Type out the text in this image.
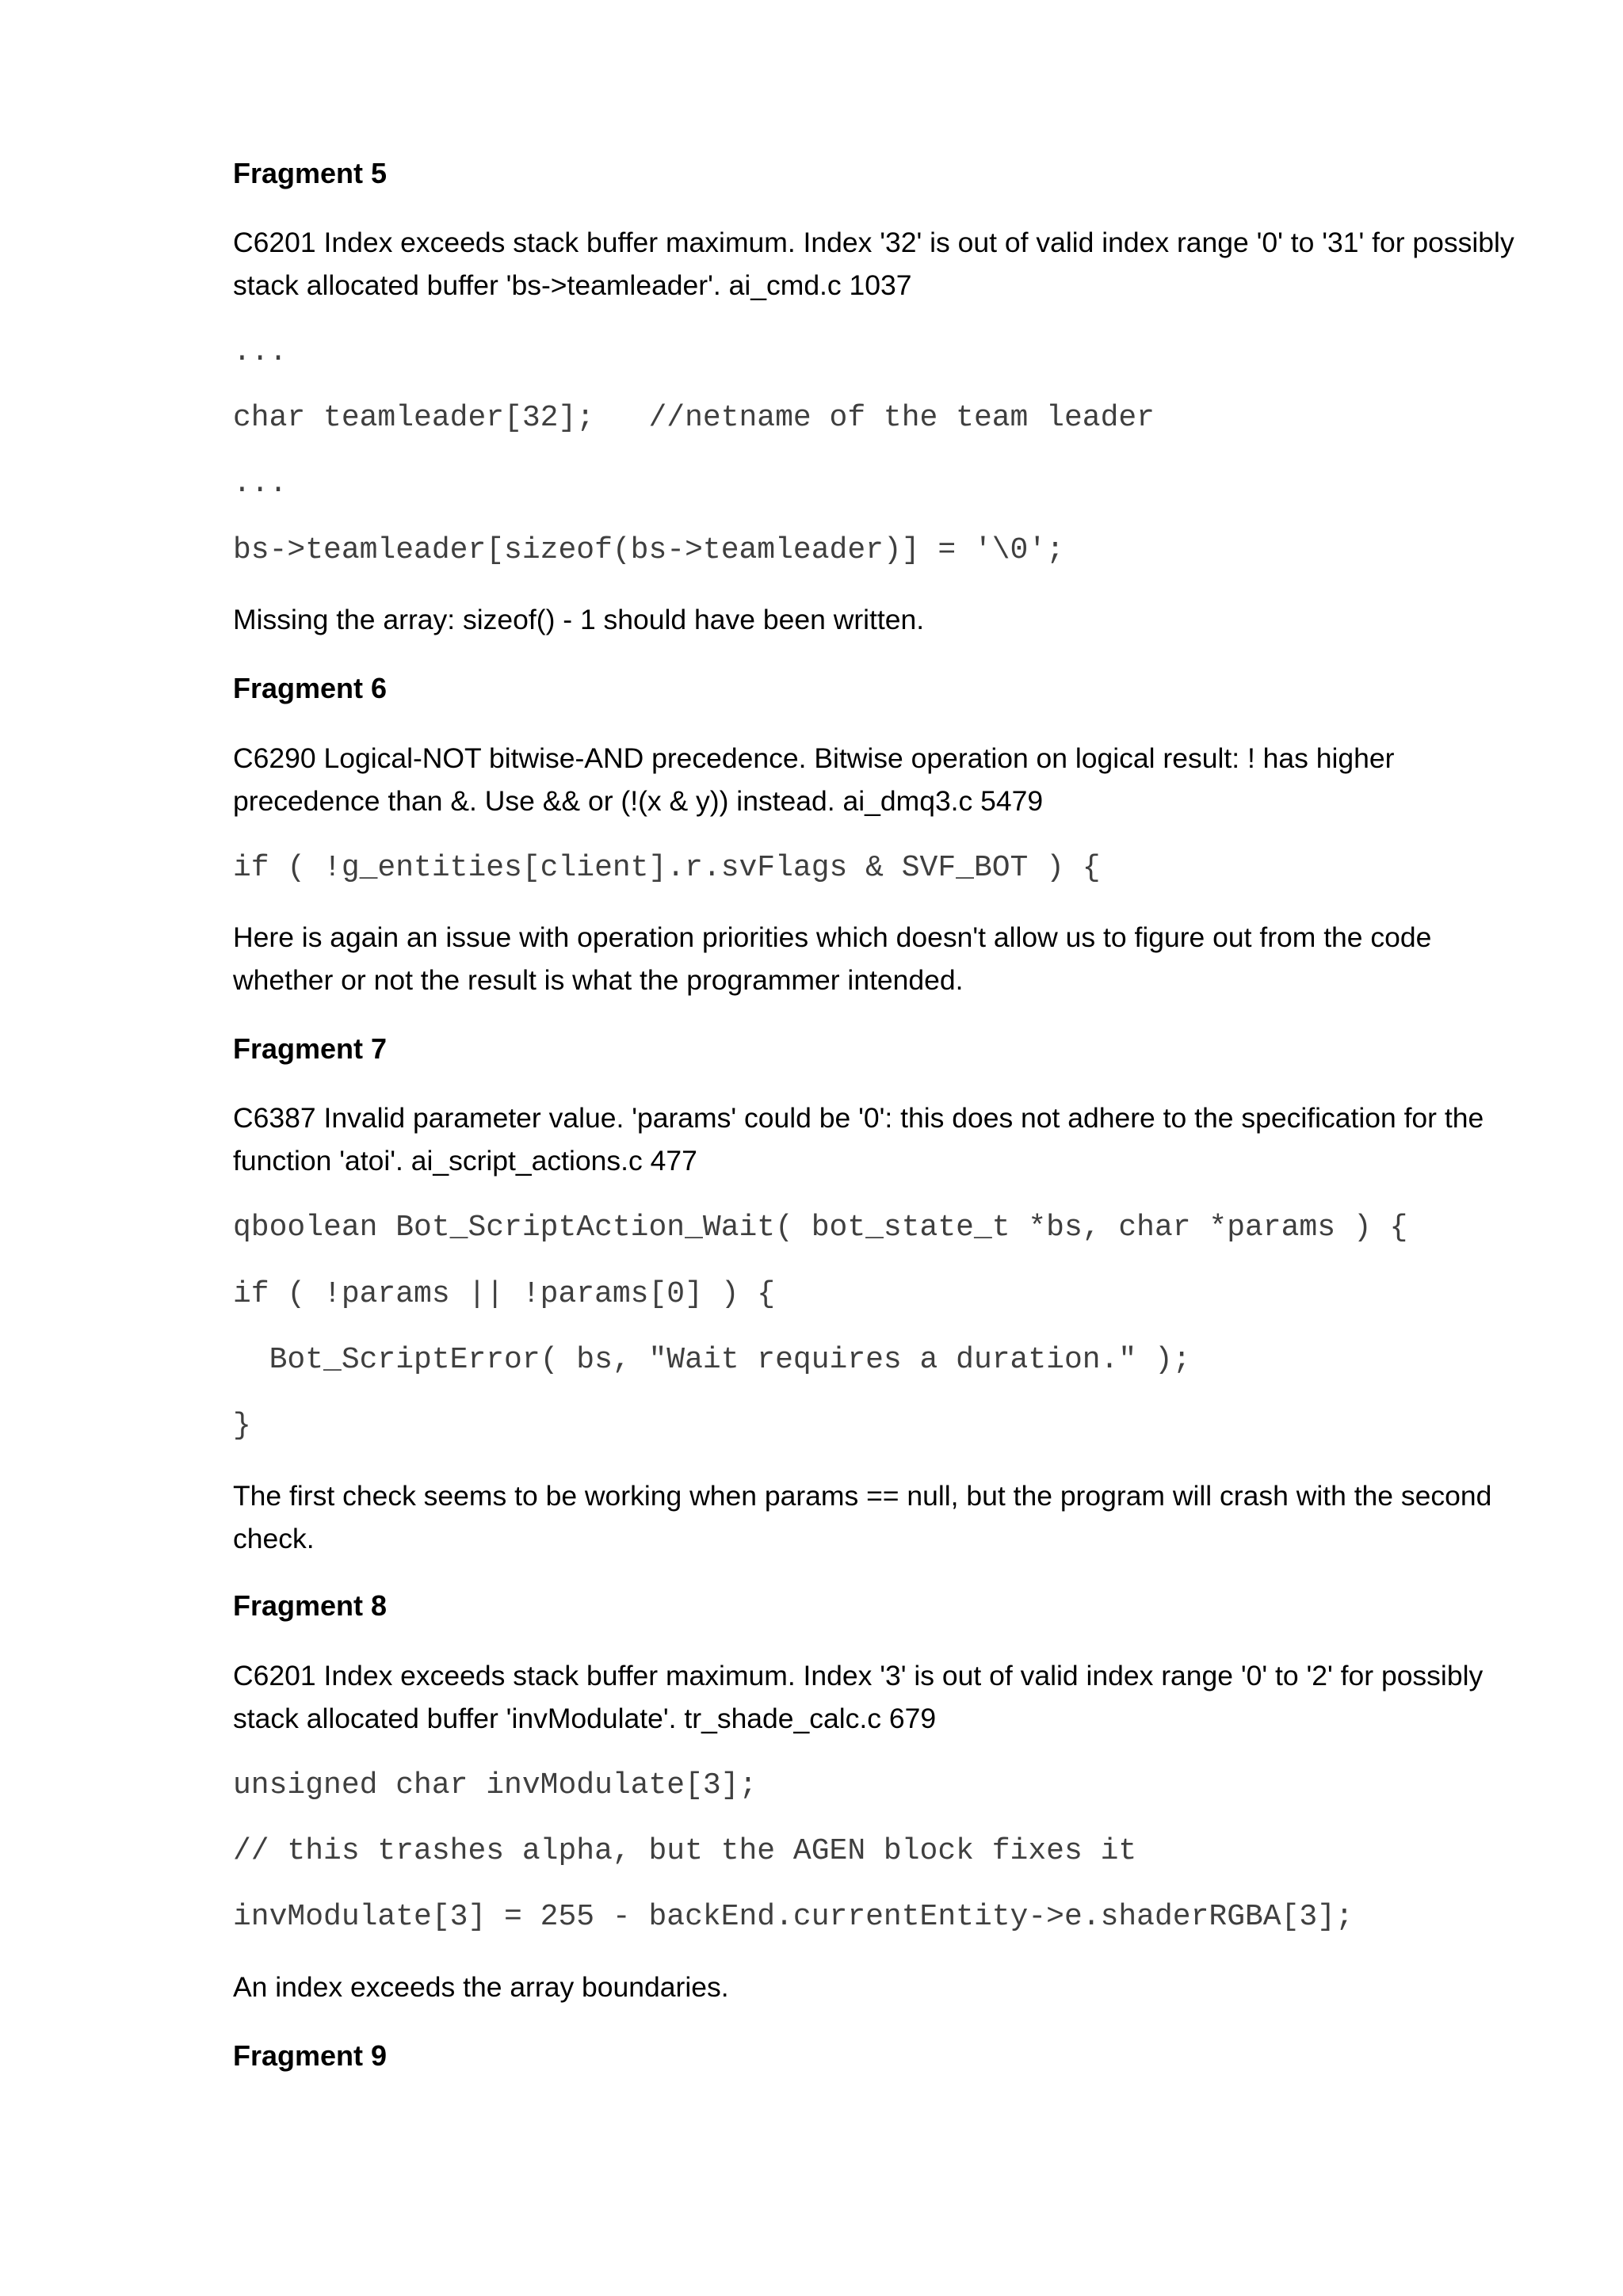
Fragment 5
C6201 Index exceeds stack buffer maximum. Index '32' is out of valid index range '0' to '31' for possibly
stack allocated buffer 'bs->teamleader'. ai_cmd.c 1037
...
char teamleader[32];   //netname of the team leader
...
bs->teamleader[sizeof(bs->teamleader)] = '\0';
Missing the array: sizeof() - 1 should have been written.
Fragment 6
C6290 Logical-NOT bitwise-AND precedence. Bitwise operation on logical result: ! has higher
precedence than &. Use && or (!(x & y)) instead. ai_dmq3.c 5479
if ( !g_entities[client].r.svFlags & SVF_BOT ) {
Here is again an issue with operation priorities which doesn't allow us to figure out from the code
whether or not the result is what the programmer intended.
Fragment 7
C6387 Invalid parameter value. 'params' could be '0': this does not adhere to the specification for the
function 'atoi'. ai_script_actions.c 477
qboolean Bot_ScriptAction_Wait( bot_state_t *bs, char *params ) {
if ( !params || !params[0] ) {
Bot_ScriptError( bs, "Wait requires a duration." );
}
The first check seems to be working when params == null, but the program will crash with the second
check.
Fragment 8
C6201 Index exceeds stack buffer maximum. Index '3' is out of valid index range '0' to '2' for possibly
stack allocated buffer 'invModulate'. tr_shade_calc.c 679
unsigned char invModulate[3];
// this trashes alpha, but the AGEN block fixes it
invModulate[3] = 255 - backEnd.currentEntity->e.shaderRGBA[3];
An index exceeds the array boundaries.
Fragment 9
